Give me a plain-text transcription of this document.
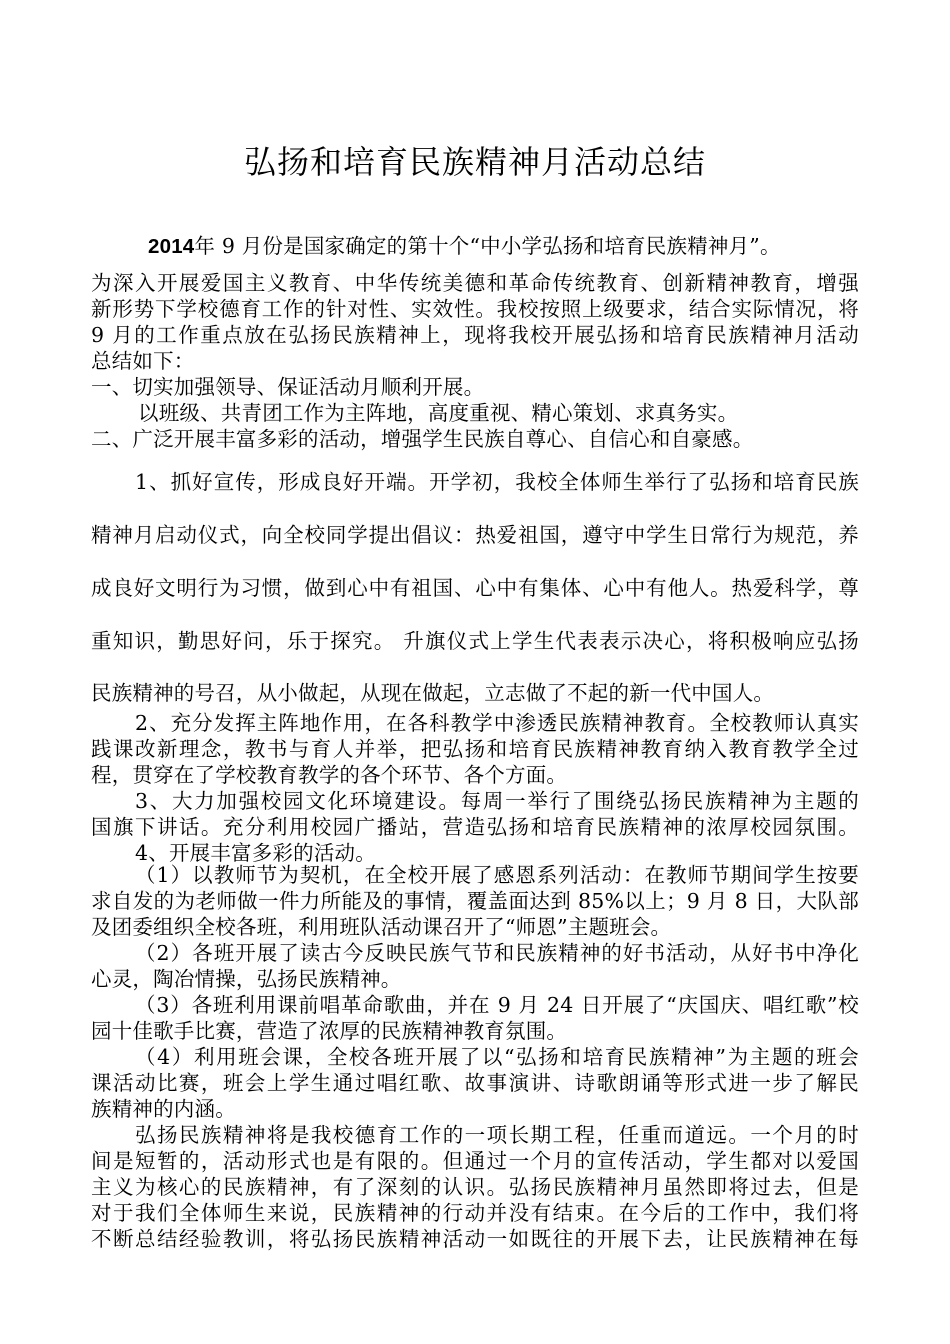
弘扬和培育民族精神月活动总结
2014年 9 月份是国家确定的第十个“中小学弘扬和培育民族精神月”。
为深入开展爱国主义教育、中华传统美德和革命传统教育、创新精神教育，增强
新形势下学校德育工作的针对性、实效性。我校按照上级要求，结合实际情况，将
9 月的工作重点放在弘扬民族精神上，现将我校开展弘扬和培育民族精神月活动
总结如下：
一、切实加强领导、保证活动月顺利开展。
以班级、共青团工作为主阵地，高度重视、精心策划、求真务实。
二、广泛开展丰富多彩的活动，增强学生民族自尊心、自信心和自豪感。
1、抓好宣传，形成良好开端。开学初，我校全体师生举行了弘扬和培育民族
精神月启动仪式，向全校同学提出倡议：热爱祖国，遵守中学生日常行为规范，养
成良好文明行为习惯，做到心中有祖国、心中有集体、心中有他人。热爱科学，尊
重知识，勤思好问，乐于探究。 升旗仪式上学生代表表示决心，将积极响应弘扬
民族精神的号召，从小做起，从现在做起，立志做了不起的新一代中国人。
2、充分发挥主阵地作用，在各科教学中渗透民族精神教育。全校教师认真实
践课改新理念，教书与育人并举，把弘扬和培育民族精神教育纳入教育教学全过
程，贯穿在了学校教育教学的各个环节、各个方面。
3、大力加强校园文化环境建设。每周一举行了围绕弘扬民族精神为主题的
国旗下讲话。充分利用校园广播站，营造弘扬和培育民族精神的浓厚校园氛围。
4、开展丰富多彩的活动。
（1）以教师节为契机，在全校开展了感恩系列活动：在教师节期间学生按要
求自发的为老师做一件力所能及的事情，覆盖面达到 85%以上；9 月 8 日，大队部
及团委组织全校各班，利用班队活动课召开了“师恩”主题班会。
（2）各班开展了读古今反映民族气节和民族精神的好书活动，从好书中净化
心灵，陶冶情操，弘扬民族精神。
（3）各班利用课前唱革命歌曲，并在 9 月 24 日开展了“庆国庆、唱红歌”校
园十佳歌手比赛，营造了浓厚的民族精神教育氛围。
（4）利用班会课，全校各班开展了以“弘扬和培育民族精神”为主题的班会
课活动比赛，班会上学生通过唱红歌、故事演讲、诗歌朗诵等形式进一步了解民
族精神的内涵。
弘扬民族精神将是我校德育工作的一项长期工程，任重而道远。一个月的时
间是短暂的，活动形式也是有限的。但通过一个月的宣传活动，学生都对以爱国
主义为核心的民族精神，有了深刻的认识。弘扬民族精神月虽然即将过去，但是
对于我们全体师生来说，民族精神的行动并没有结束。在今后的工作中，我们将
不断总结经验教训，将弘扬民族精神活动一如既往的开展下去，让民族精神在每
